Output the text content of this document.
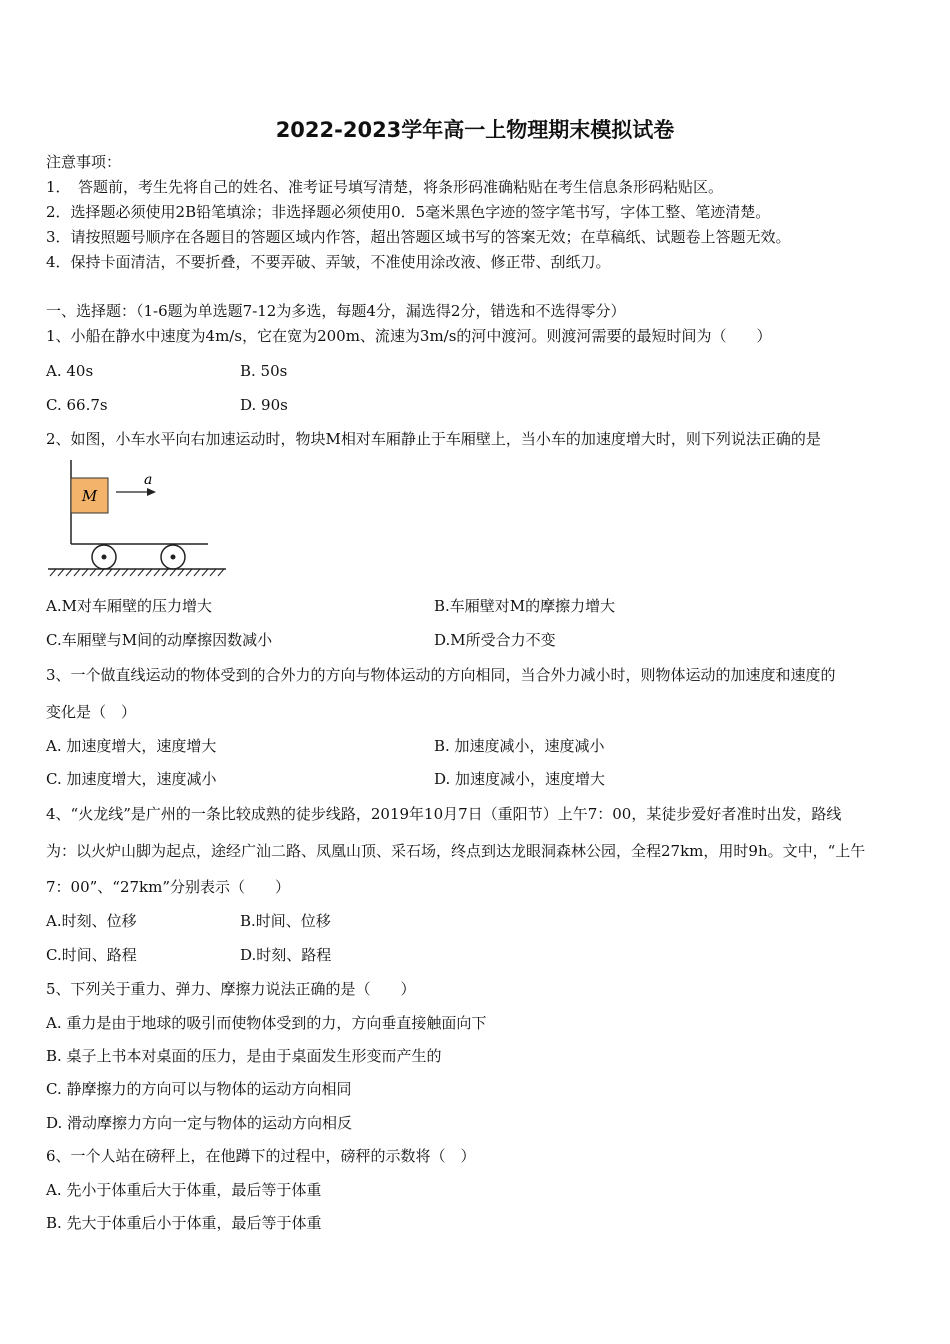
2022-2023学年高一上物理期末模拟试卷
注意事项：
1．　答题前，考生先将自己的姓名、准考证号填写清楚，将条形码准确粘贴在考生信息条形码粘贴区。
2．选择题必须使用2B铅笔填涂；非选择题必须使用0．5毫米黑色字迹的签字笔书写，字体工整、笔迹清楚。
3．请按照题号顺序在各题目的答题区域内作答，超出答题区域书写的答案无效；在草稿纸、试题卷上答题无效。
4．保持卡面清洁，不要折叠，不要弄破、弄皱，不准使用涂改液、修正带、刮纸刀。
一、选择题：（1-6题为单选题7-12为多选，每题4分，漏选得2分，错选和不选得零分）
1、小船在静水中速度为4m/s，它在宽为200m、流速为3m/s的河中渡河。则渡河需要的最短时间为（　　）
A. 40s	B. 50s
C. 66.7s	D. 90s
2、如图，小车水平向右加速运动时，物块M相对车厢静止于车厢壁上，当小车的加速度增大时，则下列说法正确的是
M
a
A.M对车厢壁的压力增大	B.车厢壁对M的摩擦力增大
C.车厢壁与M间的动摩擦因数减小	D.M所受合力不变
3、一个做直线运动的物体受到的合外力的方向与物体运动的方向相同，当合外力减小时，则物体运动的加速度和速度的
变化是（　）
A. 加速度增大，速度增大	B. 加速度减小，速度减小
C. 加速度增大，速度减小	D. 加速度减小，速度增大
4、“火龙线”是广州的一条比较成熟的徒步线路，2019年10月7日（重阳节）上午7：00，某徒步爱好者准时出发，路线
为：以火炉山脚为起点，途经广汕二路、凤凰山顶、采石场，终点到达龙眼洞森林公园，全程27km，用时9h。文中，“上午
7：00”、“27km”分别表示（　　）
A.时刻、位移	B.时间、位移
C.时间、路程	D.时刻、路程
5、下列关于重力、弹力、摩擦力说法正确的是（　　）
A. 重力是由于地球的吸引而使物体受到的力，方向垂直接触面向下
B. 桌子上书本对桌面的压力，是由于桌面发生形变而产生的
C. 静摩擦力的方向可以与物体的运动方向相同
D. 滑动摩擦力方向一定与物体的运动方向相反
6、一个人站在磅秤上，在他蹲下的过程中，磅秤的示数将（　）
A. 先小于体重后大于体重，最后等于体重
B. 先大于体重后小于体重，最后等于体重
